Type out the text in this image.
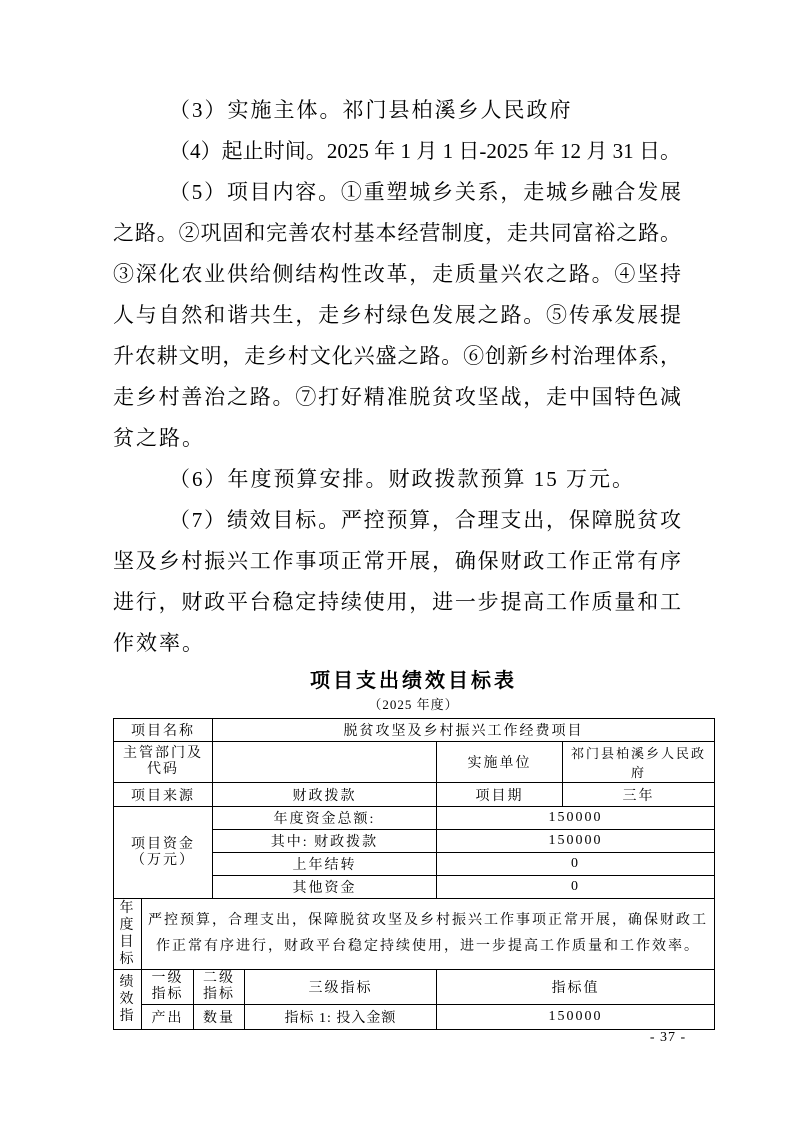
（3）实施主体。祁门县柏溪乡人民政府
（4）起止时间。2025 年 1 月 1 日-2025 年 12 月 31 日。
（5）项目内容。①重塑城乡关系，走城乡融合发展
之路。②巩固和完善农村基本经营制度，走共同富裕之路。
③深化农业供给侧结构性改革，走质量兴农之路。④坚持
人与自然和谐共生，走乡村绿色发展之路。⑤传承发展提
升农耕文明，走乡村文化兴盛之路。⑥创新乡村治理体系，
走乡村善治之路。⑦打好精准脱贫攻坚战，走中国特色减
贫之路。
（6）年度预算安排。财政拨款预算 15 万元。
（7）绩效目标。严控预算，合理支出，保障脱贫攻
坚及乡村振兴工作事项正常开展，确保财政工作正常有序
进行，财政平台稳定持续使用，进一步提高工作质量和工
作效率。
项目支出绩效目标表
（2025 年度）
项目名称			脱贫攻坚及乡村振兴工作经费项目			
主管部门及代码					实施单位	祁门县柏溪乡人民政府
项目来源			财政拨款		项目期	三年
项目资金（万元）			年度资金总额:		150000	
			其中: 财政拨款		150000	
			上年结转		0	
			其他资金		0	
年度目标	严控预算，合理支出，保障脱贫攻坚及乡村振兴工作事项正常开展，确保财政工作正常有序进行，财政平台稳定持续使用，进一步提高工作质量和工作效率。					
绩效指	一级指标	二级指标		三级指标	指标值	
	产出	数量		指标 1: 投入金额	150000	
- 37 -
